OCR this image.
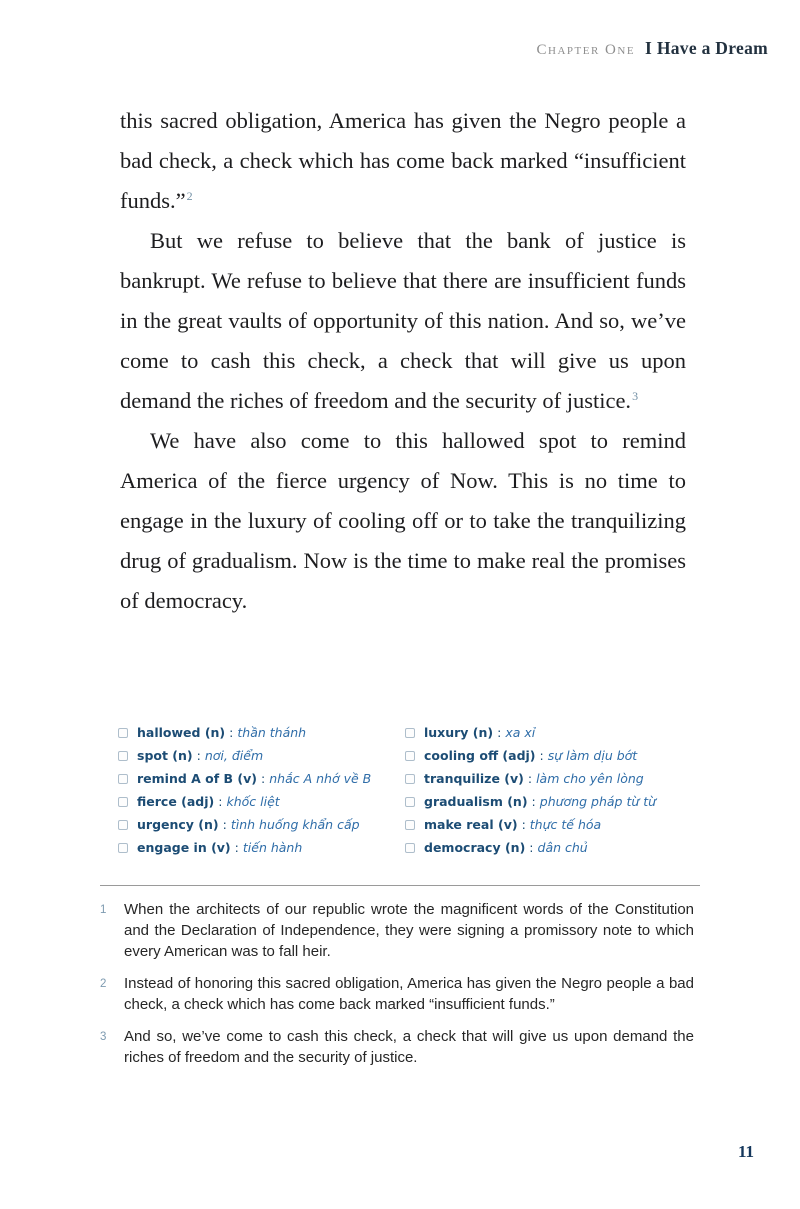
Chapter One I Have a Dream

this sacred obligation, America has given the Negro people a bad check, a check which has come back marked “insufficient funds.”$^2$

But we refuse to believe that the bank of justice is bankrupt. We refuse to believe that there are insufficient funds in the great vaults of opportunity of this nation. And so, we’ve come to cash this check, a check that will give us upon demand the riches of freedom and the security of justice.$^3$

We have also come to this hallowed spot to remind America of the fierce urgency of Now. This is no time to engage in the luxury of cooling off or to take the tranquilizing drug of gradualism. Now is the time to make real the promises of democracy.

hallowed (n) : thần thánh
spot (n) : nơi, điểm
remind A of B (v) : nhắc A nhớ về B
fierce (adj) : khốc liệt
urgency (n) : tình huống khẩn cấp
engage in (v) : tiến hành
luxury (n) : xa xỉ
cooling off (adj) : sự làm dịu bớt
tranquilize (v) : làm cho yên lòng
gradualism (n) : phương pháp từ từ
make real (v) : thực tế hóa
democracy (n) : dân chủ
1	When the architects of our republic wrote the magnificent words of the Constitution and the Declaration of Independence, they were signing a promissory note to which every American was to fall heir.
2	Instead of honoring this sacred obligation, America has given the Negro people a bad check, a check which has come back marked “insufficient funds.”
3	And so, we’ve come to cash this check, a check that will give us upon demand the riches of freedom and the security of justice.
11
